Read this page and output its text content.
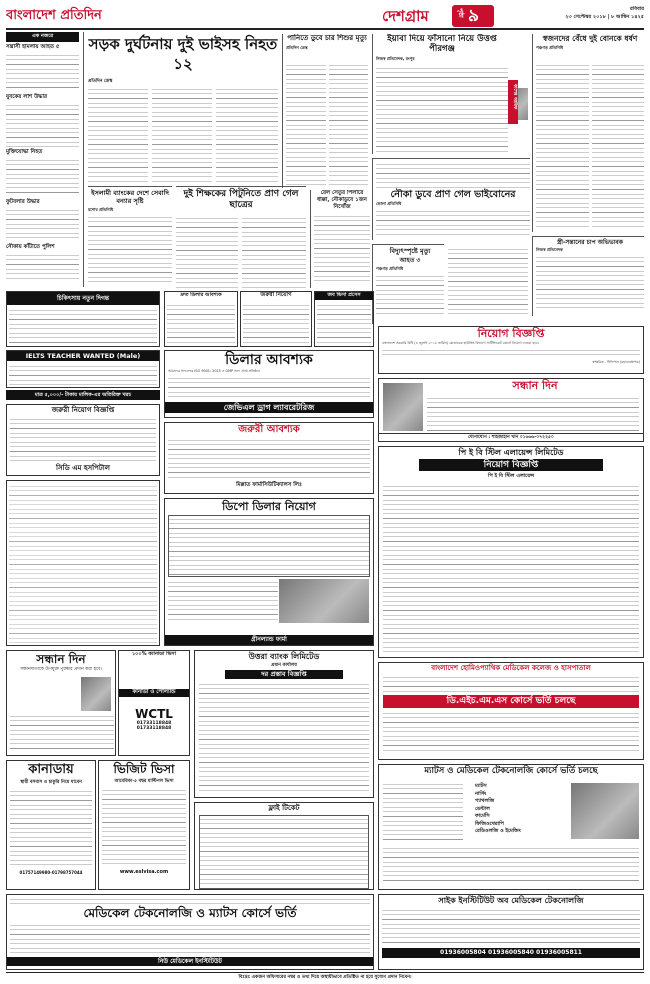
বাংলাদেশ প্রতিদিন	দেশগ্রাম	পৃষ্ঠা ৯	রবিবার
২৩ সেপ্টেম্বর ২০১৮ | ৮ আশ্বিন ১৪২৫
এক নজরে
সন্ত্রাসী হামলায় আহত ৫
যুবকের লাশ উদ্ধার
মুক্তিযোদ্ধা নিহত
ফুটবলার উদ্ধার
নৌকায় কাঁটাতে পুলিশ
সড়ক দুর্ঘটনায় দুই ভাইসহ নিহত ১২
প্রতিদিন ডেস্ক
ইসলামী ব্যাংকের দেশে সেবাদি বন্যার সৃষ্টি
যশোর প্রতিনিধি
দুই শিক্ষকের পিটুনিতে প্রাণ গেল ছাত্রের
পানিতে ডুবে চার শিশুর মৃত্যু
প্রতিদিন ডেস্ক
রেল সেতুর পিলারে ধাক্কা, নৌকাডুবে ১জন নিখোঁজ
ইয়াবা দিয়ে ফাঁসানো নিয়ে উত্তপ্ত পীরগঞ্জ
নিজস্ব প্রতিবেদক, রংপুর
কাশেম আরিফ
স্বজনদের বেঁধে দুই বোনকে ধর্ষণ
পঞ্চগড় প্রতিনিধি
নৌকা ডুবে প্রাণ গেল ভাইবোনের
ভোলা প্রতিনিধি
স্ত্রী-সন্তানের চাপ অভিভাবক
নিজস্ব প্রতিবেদক
বিদ্যুৎস্পৃষ্টে মৃত্যু
আহত ৩
পঞ্চগড় প্রতিনিধি
চিকিৎসায় নতুন দিগন্ত	দ্রুত ডিলার আবশ্যক	জরুরী নিয়োগ	জব ভিসা প্রসেস
নিয়োগ বিজ্ঞপ্তি
বাংলাদেশ সরকারি বিধি (৪ জুলাই ২০১৮ তারিখ) মোতাবেক হাউজিং বিভাগে সার্টিফিকেট কোর্সে নিয়োগ দেওয়া হবে।
স্বাক্ষরিত - সিলিপান (মহাব্যবস্থাপক)
IELTS TEACHER WANTED (Male)
মাত্র ৫,০০০/- টাকায় মালিক-এর অতিরিক্ত খরচ
ডিলার আবশ্যক
আমাদের সাফল্যের ISO 9001: 2015 ও GMP সনদ প্রাপ্ত প্রতিষ্ঠান
জেভিএল ড্রাগ ল্যাবরেটরিজ
সন্ধান দিন
যোগাযোগ : শাহজাহান খান ০১৬৬৬-০৭২২৫০
জরুরী নিয়োগ বিজ্ঞপ্তি
সিডি এম হসপিটাল
জরুরী আবশ্যক
মিল্লাত ফার্মাসিউটিক্যালস লিঃ
পি ই বি স্টিল এলায়েন্স লিমিটেড
নিয়োগ বিজ্ঞপ্তি
পি ই বি স্টিল এলায়েন্স
ডিপো ডিলার নিয়োগ
গ্রীনল্যান্ড ফার্মা
সন্ধান দিন
সন্ধানদাতাকে উপযুক্ত পুরষ্কার প্রদান করা হবে।
১০০% ক্যানাডা ভিসা
কানাডা ও পোল্যান্ড
WCTL
01733118848 01733118848
উত্তরা ব্যাংক লিমিটেড
প্রধান কার্যালয়
দর প্রস্তাব বিজ্ঞপ্তি
বাংলাদেশ হোমিওপ্যাথিক মেডিকেল কলেজ ও হাসপাতাল
ডি.এইচ.এম.এস কোর্সে ভর্তি চলছে
কানাডায়
স্থায়ী বসবাস ও চাকুরি নিয়ে যাবেন
01757149980-01798757044
ভিজিট ভিসা
আমেরিকা-৫ বছর মাল্টিপল ভিসা
www.eslvisa.com
ফ্লাই টিকেট
ম্যাটস ও মেডিকেল টেকনোলজি কোর্সে ভর্তি চলছে
ম্যাটস
নার্সিং
প্যাথলজি
ডেন্টাল
ফার্মেসি
ফিজিওথেরাপি
রেডিওলজি ও ইমেজিং
মেডিকেল টেকনোলজি ও ম্যাটস কোর্সে ভর্তি
নিউ মেডিকেল ইনস্টিটিউট
সাইক ইনস্টিটিউট অব মেডিকেল টেকনোলজি
01936005804 01936005840 01936005811
বিঃদ্রঃ একজন অফিসারের নম্বর ও তথ্য দিয়ে অস্থায়ীভাবে প্রতিষ্ঠিত না হয়ে সুযোগ প্রদান নিবেন।
